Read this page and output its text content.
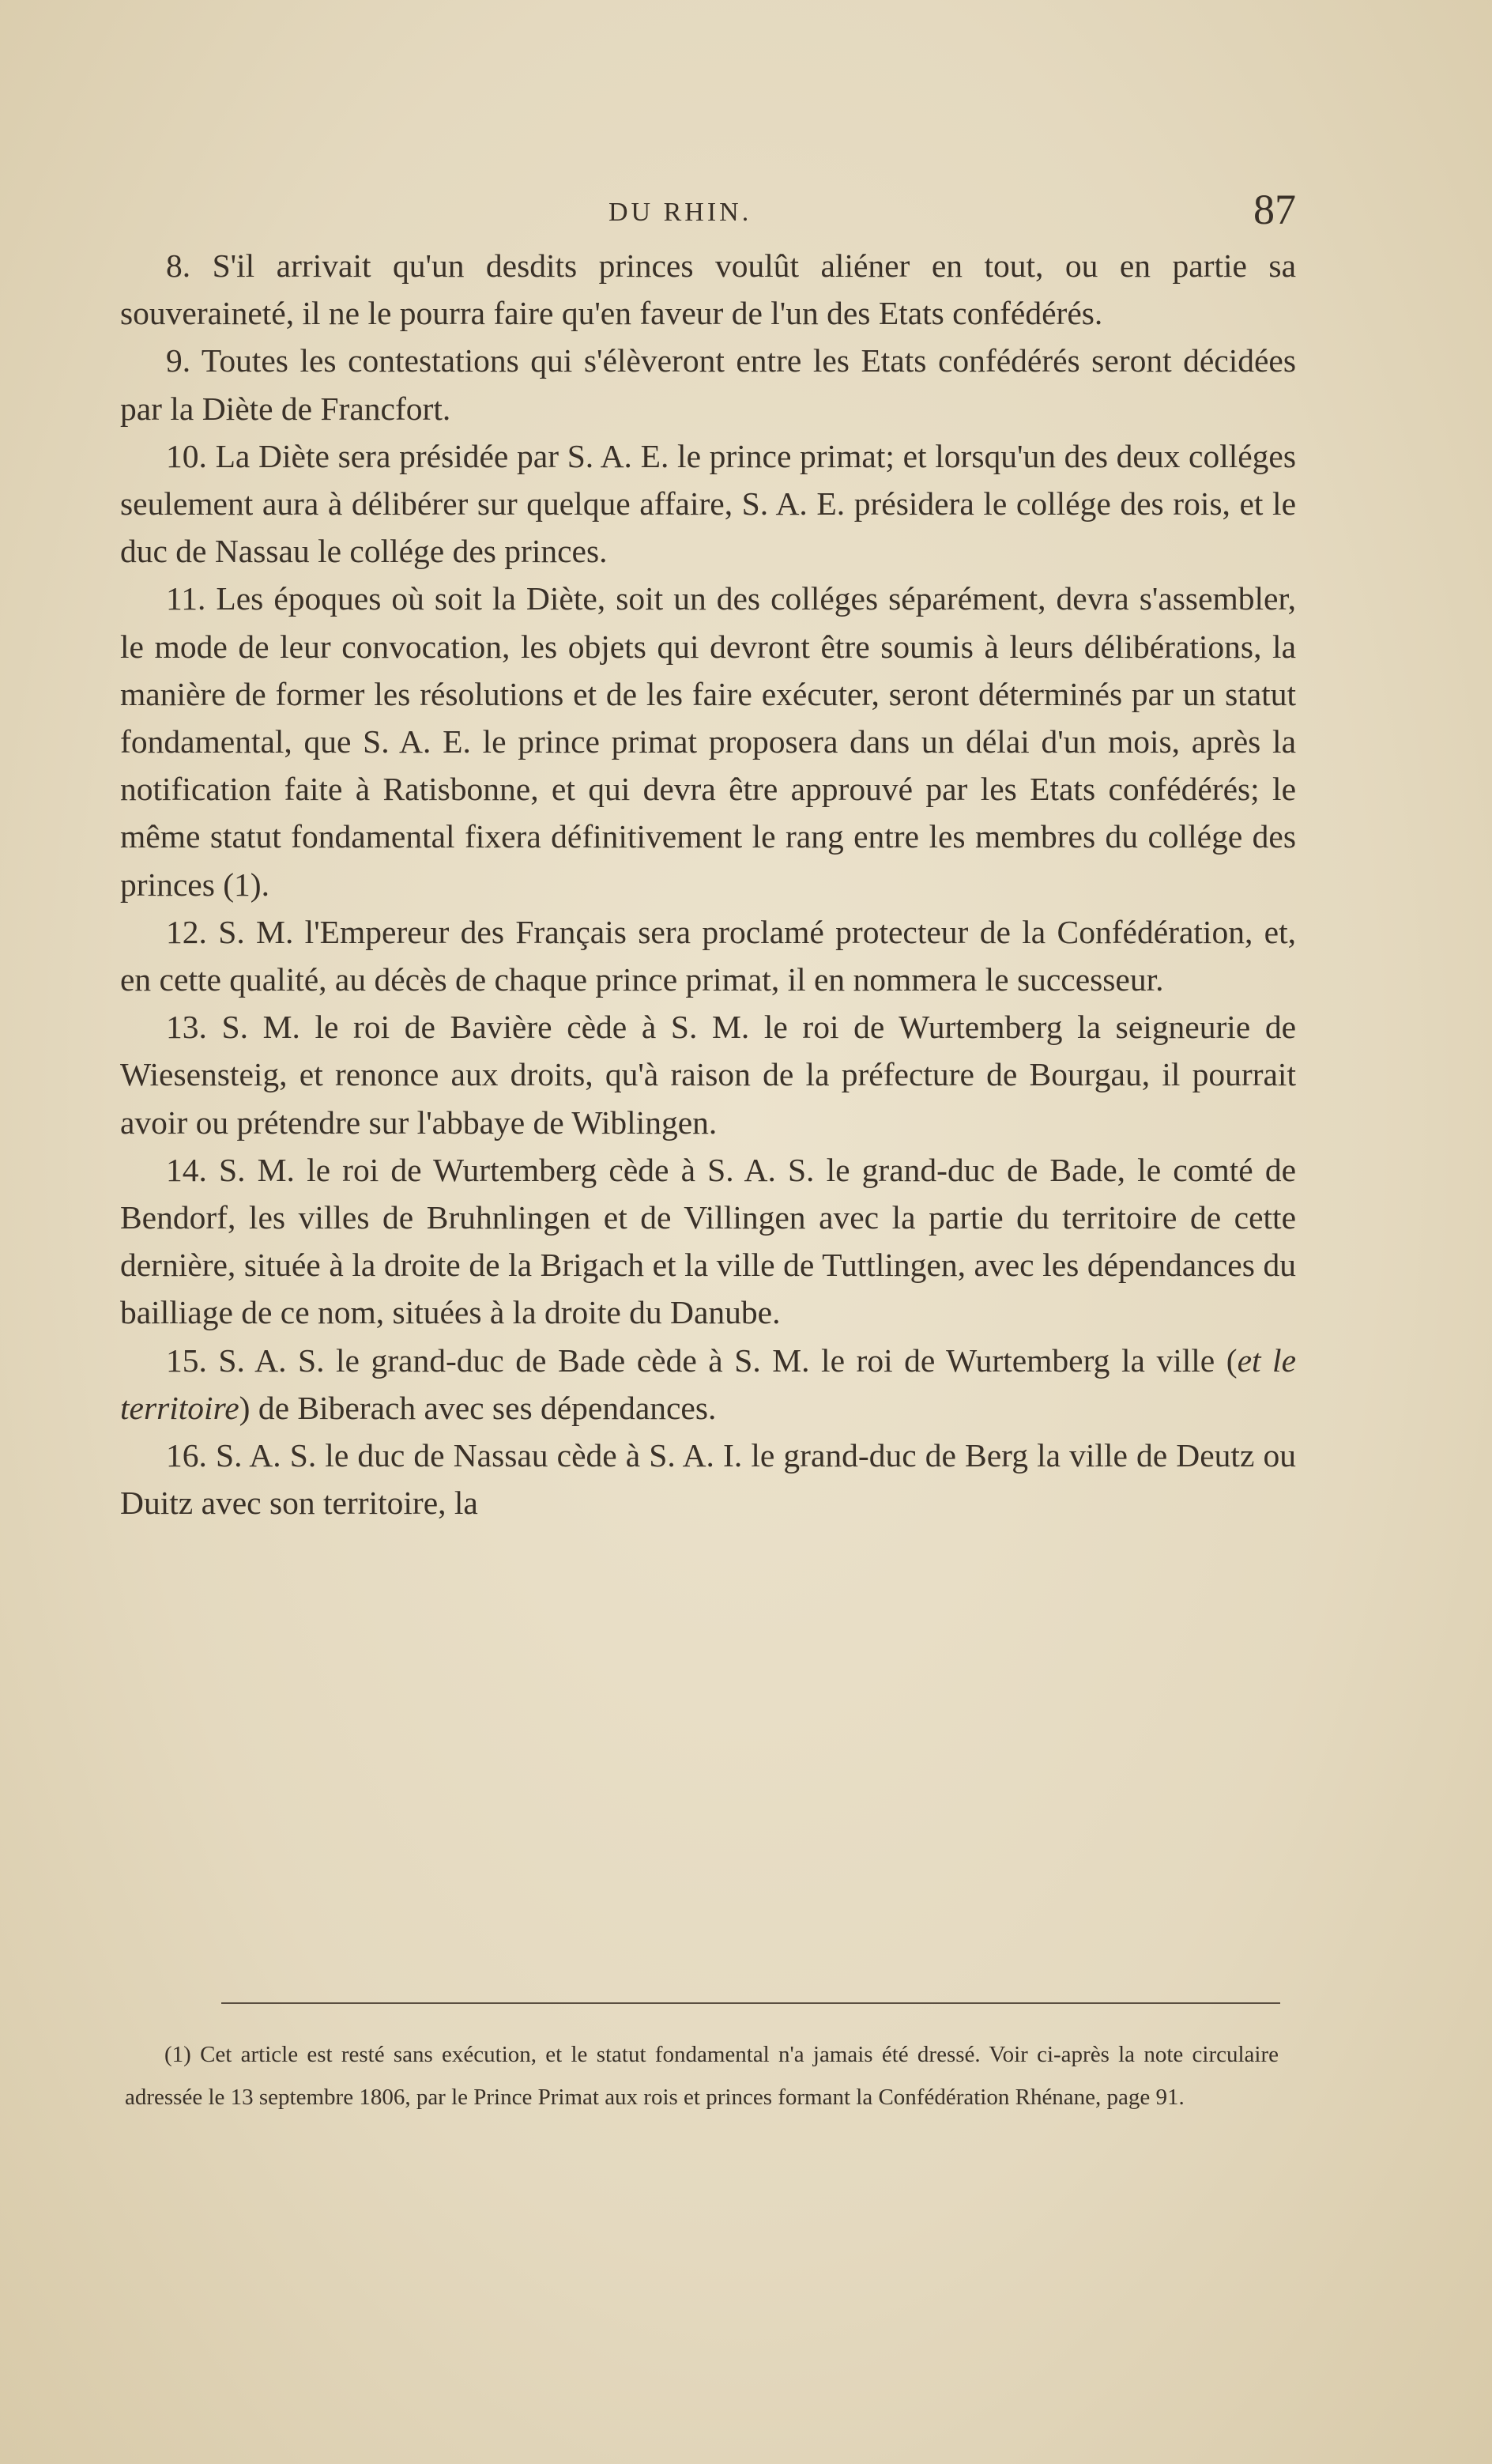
DU RHIN.	87

8. S'il arrivait qu'un desdits princes voulût aliéner en tout, ou en partie sa souveraineté, il ne le pourra faire qu'en faveur de l'un des Etats confédérés.

9. Toutes les contestations qui s'élèveront entre les Etats confédérés seront décidées par la Diète de Francfort.

10. La Diète sera présidée par S. A. E. le prince primat; et lorsqu'un des deux colléges seulement aura à délibérer sur quelque affaire, S. A. E. présidera le collége des rois, et le duc de Nassau le collége des princes.

11. Les époques où soit la Diète, soit un des colléges séparément, devra s'assembler, le mode de leur convocation, les objets qui devront être soumis à leurs délibérations, la manière de former les résolutions et de les faire exécuter, seront déterminés par un statut fondamental, que S. A. E. le prince primat proposera dans un délai d'un mois, après la notification faite à Ratisbonne, et qui devra être approuvé par les Etats confédérés; le même statut fondamental fixera définitivement le rang entre les membres du collége des princes (1).

12. S. M. l'Empereur des Français sera proclamé protecteur de la Confédération, et, en cette qualité, au décès de chaque prince primat, il en nommera le successeur.

13. S. M. le roi de Bavière cède à S. M. le roi de Wurtemberg la seigneurie de Wiesensteig, et renonce aux droits, qu'à raison de la préfecture de Bourgau, il pourrait avoir ou prétendre sur l'abbaye de Wiblingen.

14. S. M. le roi de Wurtemberg cède à S. A. S. le grand-duc de Bade, le comté de Bendorf, les villes de Bruhnlingen et de Villingen avec la partie du territoire de cette dernière, située à la droite de la Brigach et la ville de Tuttlingen, avec les dépendances du bailliage de ce nom, situées à la droite du Danube.

15. S. A. S. le grand-duc de Bade cède à S. M. le roi de Wurtemberg la ville (et le territoire) de Biberach avec ses dépendances.

16. S. A. S. le duc de Nassau cède à S. A. I. le grand-duc de Berg la ville de Deutz ou Duitz avec son territoire, la

(1) Cet article est resté sans exécution, et le statut fondamental n'a jamais été dressé. Voir ci-après la note circulaire adressée le 13 septembre 1806, par le Prince Primat aux rois et princes formant la Confédération Rhénane, page 91.
